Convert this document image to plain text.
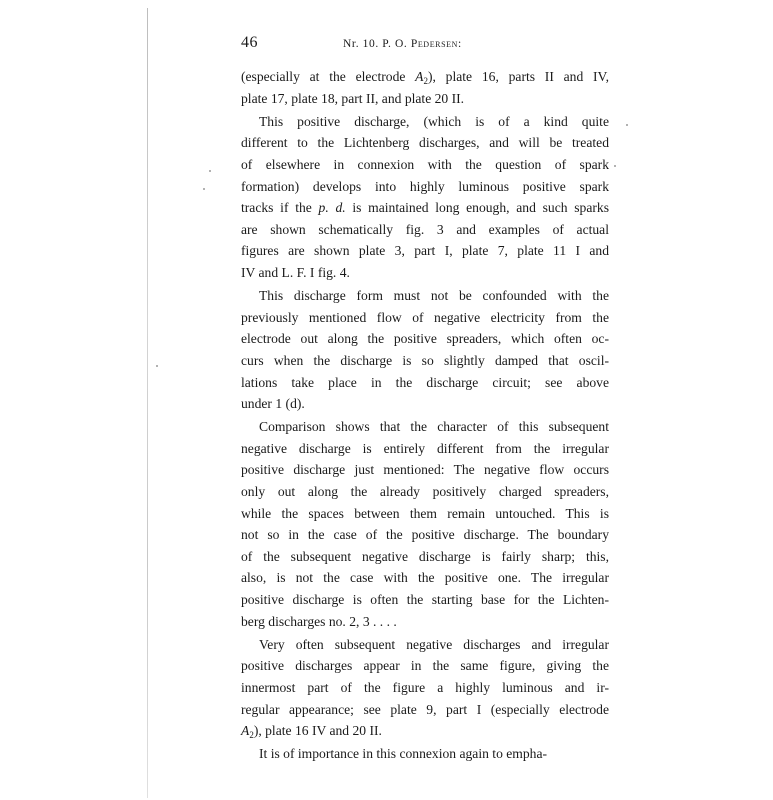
46	Nr. 10. P. O. Pedersen:
(especially at the electrode $A_2$), plate 16, parts II and IV,
plate 17, plate 18, part II, and plate 20 II.
This positive discharge, (which is of a kind quite
different to the Lichtenberg discharges, and will be treated
of elsewhere in connexion with the question of spark
formation) develops into highly luminous positive spark
tracks if the p. d. is maintained long enough, and such sparks
are shown schematically fig. 3 and examples of actual
figures are shown plate 3, part I, plate 7, plate 11 I and
IV and L. F. I fig. 4.
This discharge form must not be confounded with the
previously mentioned flow of negative electricity from the
electrode out along the positive spreaders, which often oc-
curs when the discharge is so slightly damped that oscil-
lations take place in the discharge circuit; see above
under 1 (d).
Comparison shows that the character of this subsequent
negative discharge is entirely different from the irregular
positive discharge just mentioned: The negative flow occurs
only out along the already positively charged spreaders,
while the spaces between them remain untouched. This is
not so in the case of the positive discharge. The boundary
of the subsequent negative discharge is fairly sharp; this,
also, is not the case with the positive one. The irregular
positive discharge is often the starting base for the Lichten-
berg discharges no. 2, 3 . . . .
Very often subsequent negative discharges and irregular
positive discharges appear in the same figure, giving the
innermost part of the figure a highly luminous and ir-
regular appearance; see plate 9, part I (especially electrode
$A_2$), plate 16 IV and 20 II.
It is of importance in this connexion again to empha-
